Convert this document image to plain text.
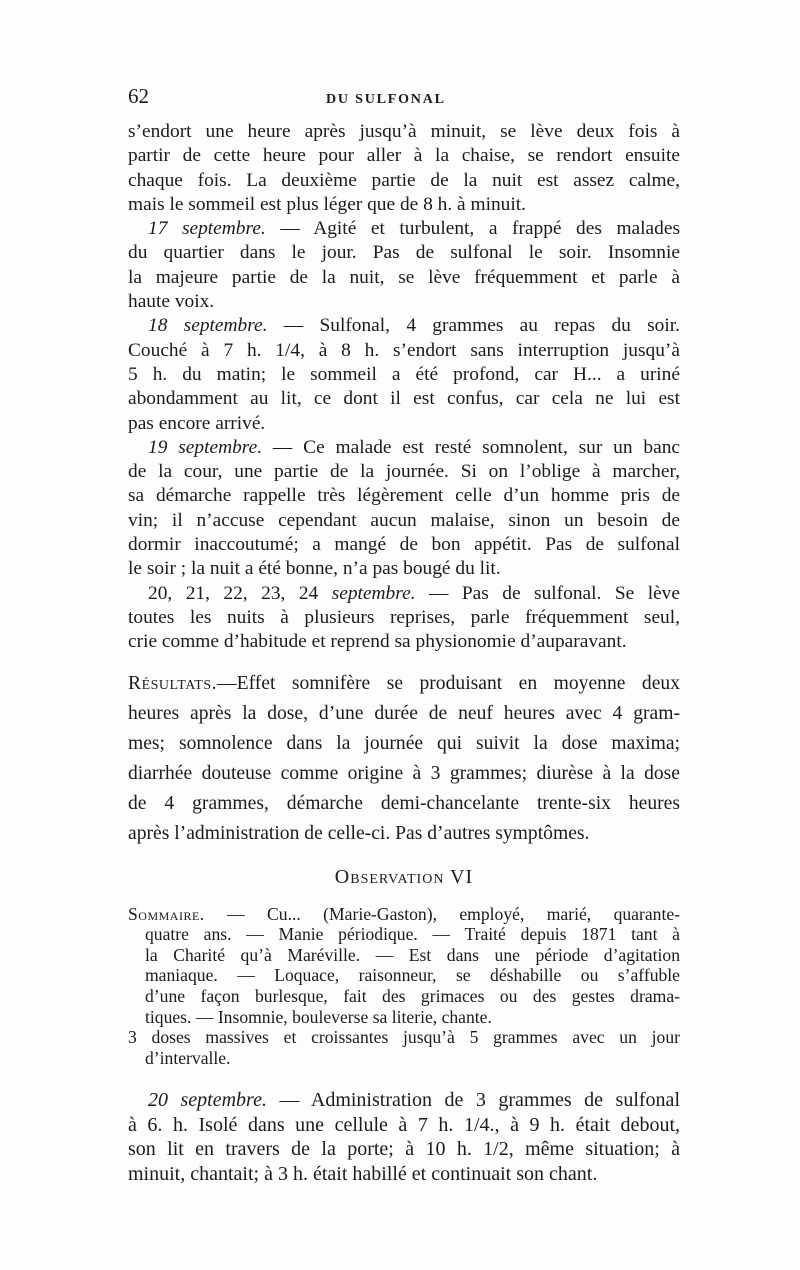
62	DU SULFONAL

s’endort une heure après jusqu’à minuit, se lève deux fois à
partir de cette heure pour aller à la chaise, se rendort ensuite
chaque fois. La deuxième partie de la nuit est assez calme,
mais le sommeil est plus léger que de 8 h. à minuit.

17 septembre. — Agité et turbulent, a frappé des malades
du quartier dans le jour. Pas de sulfonal le soir. Insomnie
la majeure partie de la nuit, se lève fréquemment et parle à
haute voix.

18 septembre. — Sulfonal, 4 grammes au repas du soir.
Couché à 7 h. 1/4, à 8 h. s’endort sans interruption jusqu’à
5 h. du matin; le sommeil a été profond, car H... a uriné
abondamment au lit, ce dont il est confus, car cela ne lui est
pas encore arrivé.

19 septembre. — Ce malade est resté somnolent, sur un banc
de la cour, une partie de la journée. Si on l’oblige à marcher,
sa démarche rappelle très légèrement celle d’un homme pris de
vin; il n’accuse cependant aucun malaise, sinon un besoin de
dormir inaccoutumé; a mangé de bon appétit. Pas de sulfonal
le soir ; la nuit a été bonne, n’a pas bougé du lit.

20, 21, 22, 23, 24 septembre. — Pas de sulfonal. Se lève
toutes les nuits à plusieurs reprises, parle fréquemment seul,
crie comme d’habitude et reprend sa physionomie d’auparavant.

Résultats.—Effet somnifère se produisant en moyenne deux
heures après la dose, d’une durée de neuf heures avec 4 gram-
mes; somnolence dans la journée qui suivit la dose maxima;
diarrhée douteuse comme origine à 3 grammes; diurèse à la dose
de 4 grammes, démarche demi-chancelante trente-six heures
après l’administration de celle-ci. Pas d’autres symptômes.

Observation VI

Sommaire. — Cu... (Marie-Gaston), employé, marié, quarante-
quatre ans. — Manie périodique. — Traité depuis 1871 tant à
la Charité qu’à Maréville. — Est dans une période d’agitation
maniaque. — Loquace, raisonneur, se déshabille ou s’affuble
d’une façon burlesque, fait des grimaces ou des gestes drama-
tiques. — Insomnie, bouleverse sa literie, chante.
3 doses massives et croissantes jusqu’à 5 grammes avec un jour
d’intervalle.

20 septembre. — Administration de 3 grammes de sulfonal
à 6. h. Isolé dans une cellule à 7 h. 1/4., à 9 h. était debout,
son lit en travers de la porte; à 10 h. 1/2, même situation; à
minuit, chantait; à 3 h. était habillé et continuait son chant.
